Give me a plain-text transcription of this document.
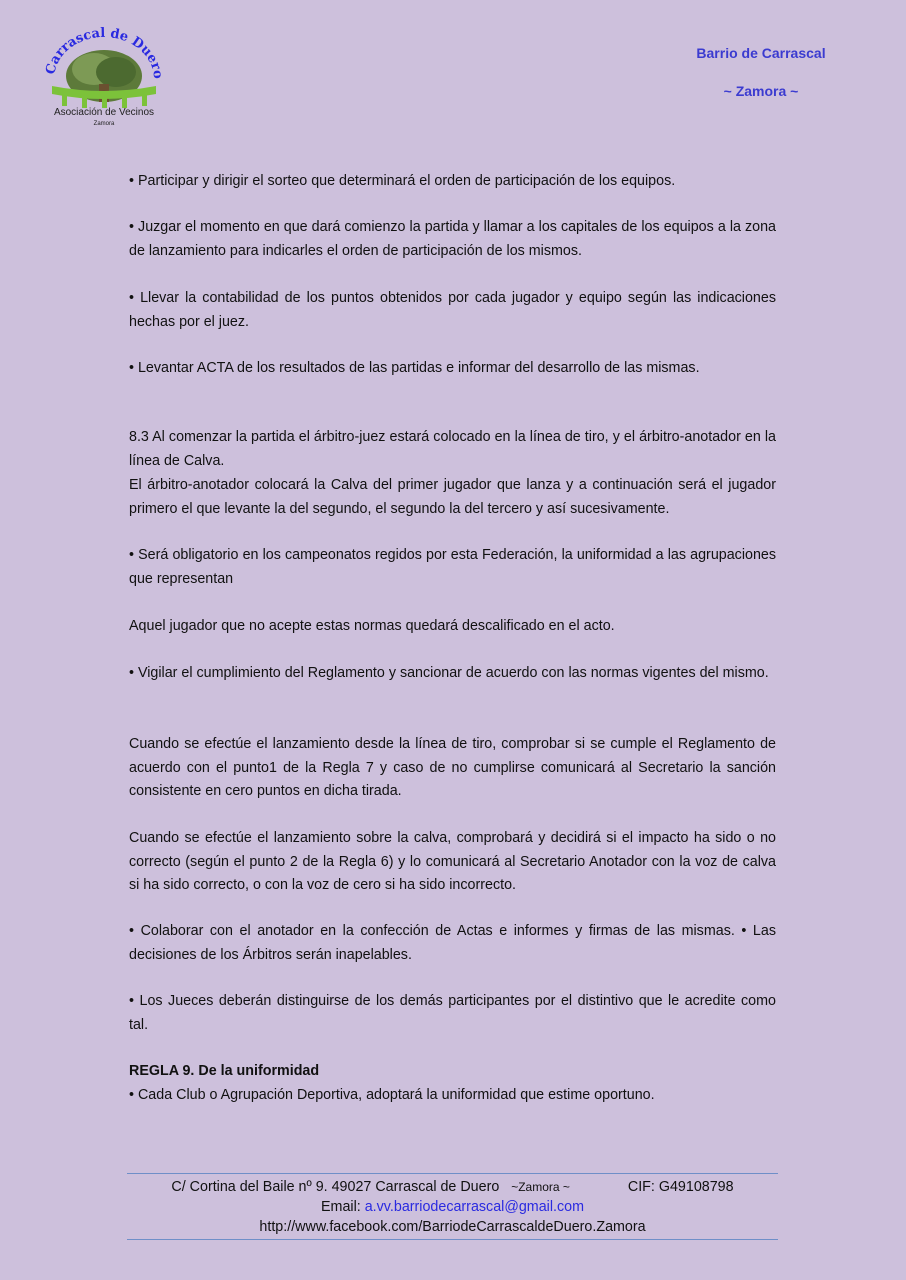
Carrascal de Duero
Asociación de Vecinos
Zamora
Barrio de Carrascal
~ Zamora ~

• Participar y dirigir el sorteo que determinará el orden de participación de los equipos.

• Juzgar el momento en que dará comienzo la partida y llamar a los capitales de los equipos a la zona de lanzamiento para indicarles el orden de participación de los mismos.

• Llevar la contabilidad de los puntos obtenidos por cada jugador y equipo según las indicaciones hechas por el juez.

• Levantar ACTA de los resultados de las partidas e informar del desarrollo de las mismas.

8.3 Al comenzar la partida el árbitro-juez estará colocado en la línea de tiro, y el árbitro-anotador en la línea de Calva.

El árbitro-anotador colocará la Calva del primer jugador que lanza y a continuación será el jugador primero el que levante la del segundo, el segundo la del tercero y así sucesivamente.

• Será obligatorio en los campeonatos regidos por esta Federación, la uniformidad a las agrupaciones que representan

Aquel jugador que no acepte estas normas quedará descalificado en el acto.

• Vigilar el cumplimiento del Reglamento y sancionar de acuerdo con las normas vigentes del mismo.

Cuando se efectúe el lanzamiento desde la línea de tiro, comprobar si se cumple el Reglamento de acuerdo con el punto1 de la Regla 7 y caso de no cumplirse comunicará al Secretario la sanción consistente en cero puntos en dicha tirada.

Cuando se efectúe el lanzamiento sobre la calva, comprobará y decidirá si el impacto ha sido o no correcto (según el punto 2 de la Regla 6) y lo comunicará al Secretario Anotador con la voz de calva si ha sido correcto, o con la voz de cero si ha sido incorrecto.

• Colaborar con el anotador en la confección de Actas e informes y firmas de las mismas. • Las decisiones de los Árbitros serán inapelables.

• Los Jueces deberán distinguirse de los demás participantes por el distintivo que le acredite como tal.

REGLA 9. De la uniformidad

• Cada Club o Agrupación Deportiva, adoptará la uniformidad que estime oportuno.

C/ Cortina del Baile nº 9. 49027 Carrascal de Duero ~Zamora ~	CIF: G49108798
Email: a.vv.barriodecarrascal@gmail.com
http://www.facebook.com/BarriodeCarrascaldeDuero.Zamora
